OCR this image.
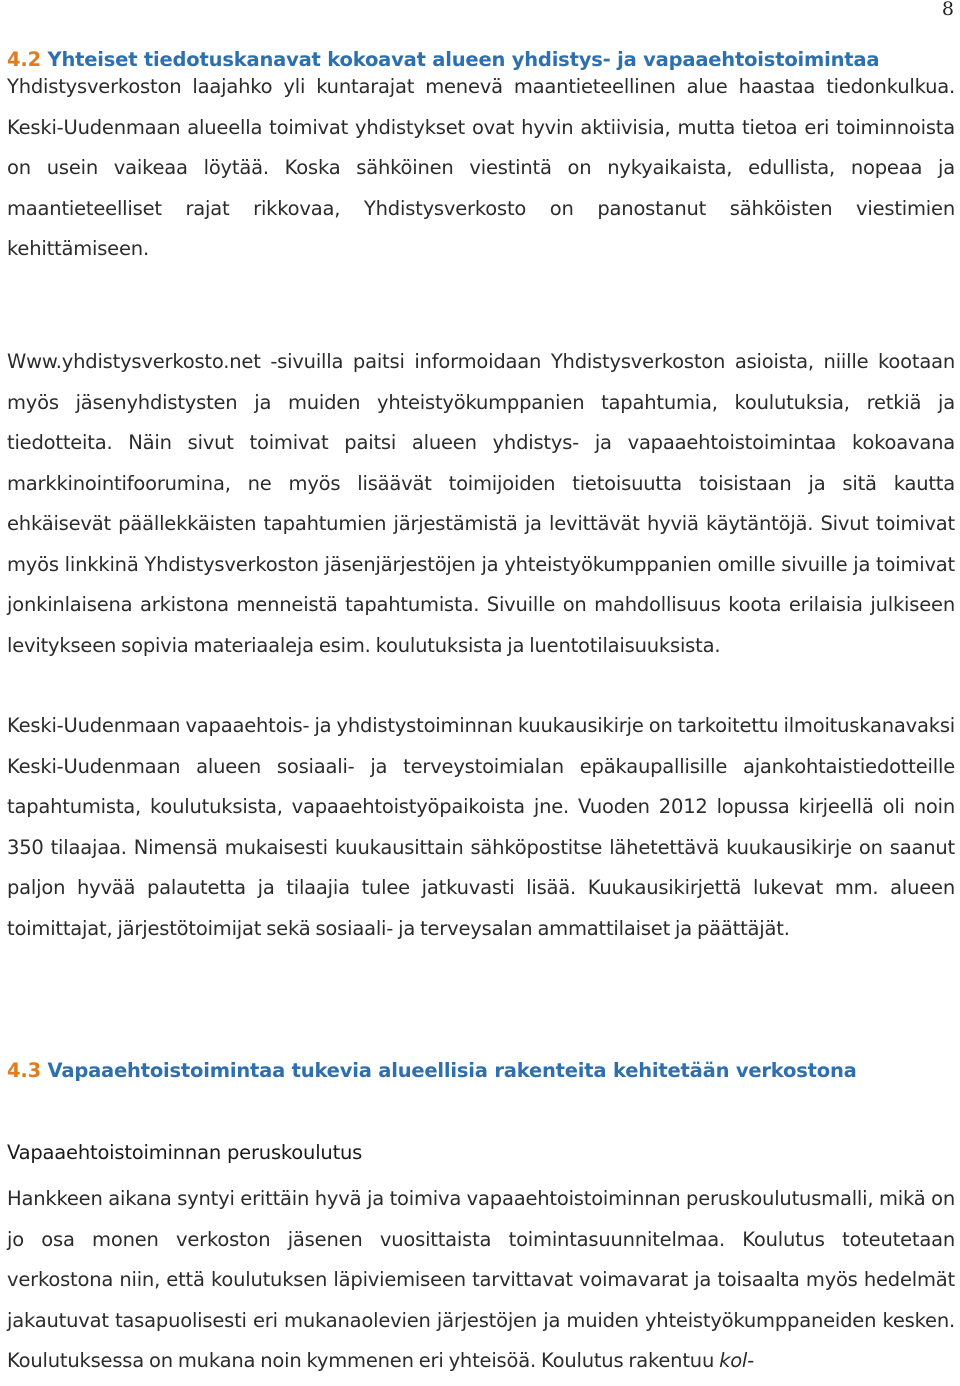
8
4.2 Yhteiset tiedotuskanavat kokoavat alueen yhdistys- ja vapaaehtoistoimintaa

Yhdistysverkoston laajahko yli kuntarajat menevä maantieteellinen alue haastaa tiedonkulkua. Keski-Uudenmaan alueella toimivat yhdistykset ovat hyvin aktiivisia, mutta tietoa eri toiminnoista on usein vaikeaa löytää. Koska sähköinen viestintä on nykyaikaista, edullista, nopeaa ja maantieteelliset rajat rikkovaa, Yhdistysverkosto on panostanut sähköisten viestimien kehittämiseen.

Www.yhdistysverkosto.net -sivuilla paitsi informoidaan Yhdistysverkoston asioista, niille kootaan myös jäsenyhdistysten ja muiden yhteistyökumppanien tapahtumia, koulutuksia, retkiä ja tiedotteita. Näin sivut toimivat paitsi alueen yhdistys- ja vapaaehtoistoimintaa kokoavana markkinointifoorumina, ne myös lisäävät toimijoiden tietoisuutta toisistaan ja sitä kautta ehkäisevät päällekkäisten tapahtumien järjestämistä ja levittävät hyviä käytäntöjä. Sivut toimivat myös linkkinä Yhdistysverkoston jäsenjärjestöjen ja yhteistyökumppanien omille sivuille ja toimivat jonkinlaisena arkistona menneistä tapahtumista. Sivuille on mahdollisuus koota erilaisia julkiseen levitykseen sopivia materiaaleja esim. koulutuksista ja luentotilaisuuksista.

Keski-Uudenmaan vapaaehtois- ja yhdistystoiminnan kuukausikirje on tarkoitettu ilmoituskanavaksi Keski-Uudenmaan alueen sosiaali- ja terveystoimialan epäkaupallisille ajankohtaistiedotteille tapahtumista, koulutuksista, vapaaehtoistyöpaikoista jne. Vuoden 2012 lopussa kirjeellä oli noin 350 tilaajaa. Nimensä mukaisesti kuukausittain sähköpostitse lähetettävä kuukausikirje on saanut paljon hyvää palautetta ja tilaajia tulee jatkuvasti lisää. Kuukausikirjettä lukevat mm. alueen toimittajat, järjestötoimijat sekä sosiaali- ja terveysalan ammattilaiset ja päättäjät.

4.3 Vapaaehtoistoimintaa tukevia alueellisia rakenteita kehitetään verkostona
Vapaaehtoistoiminnan peruskoulutus

Hankkeen aikana syntyi erittäin hyvä ja toimiva vapaaehtoistoiminnan peruskoulutusmalli, mikä on jo osa monen verkoston jäsenen vuosittaista toimintasuunnitelmaa. Koulutus toteutetaan verkostona niin, että koulutuksen läpiviemiseen tarvittavat voimavarat ja toisaalta myös hedelmät jakautuvat tasapuolisesti eri mukanaolevien järjestöjen ja muiden yhteistyökumppaneiden kesken. Koulutuksessa on mukana noin kymmenen eri yhteisöä. Koulutus rakentuu kol-
